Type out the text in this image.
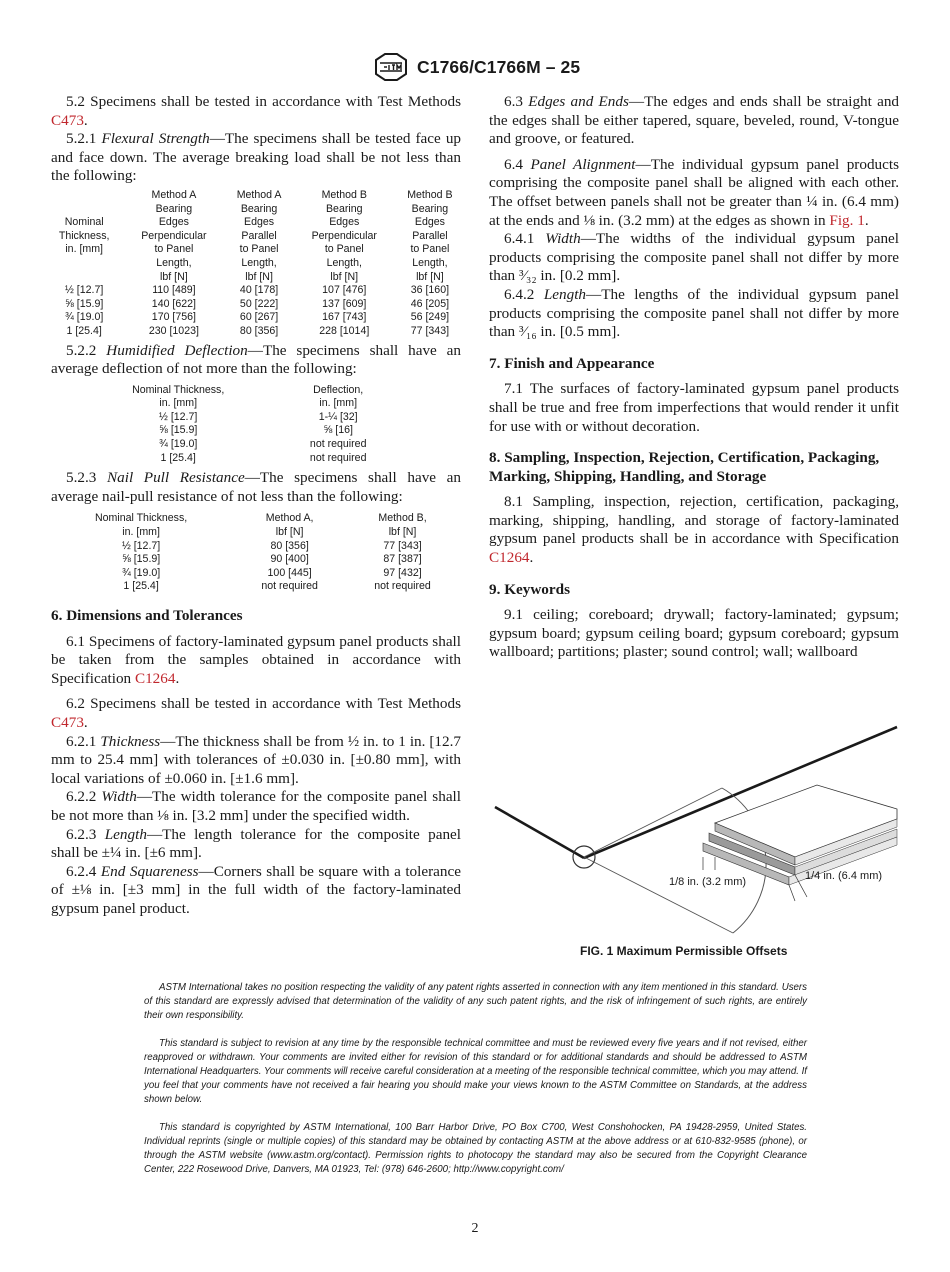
C1766/C1766M – 25

5.2 Specimens shall be tested in accordance with Test Methods C473.

5.2.1 Flexural Strength—The specimens shall be tested face up and face down. The average breaking load shall be not less than the following:

	Method A	Method A	Method B	Method B
	Bearing	Bearing	Bearing	Bearing
Nominal	Edges	Edges	Edges	Edges
Thickness,	Perpendicular	Parallel	Perpendicular	Parallel
in. [mm]	to Panel	to Panel	to Panel	to Panel
	Length,	Length,	Length,	Length,
	lbf [N]	lbf [N]	lbf [N]	lbf [N]
½ [12.7]	110 [489]	40 [178]	107 [476]	36 [160]
⅝ [15.9]	140 [622]	50 [222]	137 [609]	46 [205]
¾ [19.0]	170 [756]	60 [267]	167 [743]	56 [249]
1 [25.4]	230 [1023]	80 [356]	228 [1014]	77 [343]

5.2.2 Humidified Deflection—The specimens shall have an average deflection of not more than the following:

Nominal Thickness,	Deflection,
in. [mm]	in. [mm]
½ [12.7]	1-¼ [32]
⅝ [15.9]	⅝ [16]
¾ [19.0]	not required
1 [25.4]	not required

5.2.3 Nail Pull Resistance—The specimens shall have an average nail-pull resistance of not less than the following:

Nominal Thickness,	Method A,	Method B,
in. [mm]	lbf [N]	lbf [N]
½ [12.7]	80 [356]	77 [343]
⅝ [15.9]	90 [400]	87 [387]
¾ [19.0]	100 [445]	97 [432]
1 [25.4]	not required	not required
6. Dimensions and Tolerances

6.1 Specimens of factory-laminated gypsum panel products shall be taken from the samples obtained in accordance with Specification C1264.

6.2 Specimens shall be tested in accordance with Test Methods C473.

6.2.1 Thickness—The thickness shall be from ½ in. to 1 in. [12.7 mm to 25.4 mm] with tolerances of ±0.030 in. [±0.80 mm], with local variations of ±0.060 in. [±1.6 mm].

6.2.2 Width—The width tolerance for the composite panel shall be not more than ⅛ in. [3.2 mm] under the specified width.

6.2.3 Length—The length tolerance for the composite panel shall be ±¼ in. [±6 mm].

6.2.4 End Squareness—Corners shall be square with a tolerance of ±⅛ in. [±3 mm] in the full width of the factory-laminated gypsum panel product.

6.3 Edges and Ends—The edges and ends shall be straight and the edges shall be either tapered, square, beveled, round, V-tongue and groove, or featured.

6.4 Panel Alignment—The individual gypsum panel products comprising the composite panel shall be aligned with each other. The offset between panels shall not be greater than ¼ in. (6.4 mm) at the ends and ⅛ in. (3.2 mm) at the edges as shown in Fig. 1.

6.4.1 Width—The widths of the individual gypsum panel products comprising the composite panel shall not differ by more than ³⁄₃₂ in. [0.2 mm].

6.4.2 Length—The lengths of the individual gypsum panel products comprising the composite panel shall not differ by more than ³⁄₁₆ in. [0.5 mm].

7. Finish and Appearance

7.1 The surfaces of factory-laminated gypsum panel products shall be true and free from imperfections that would render it unfit for use with or without decoration.

8. Sampling, Inspection, Rejection, Certification, Packaging, Marking, Shipping, Handling, and Storage

8.1 Sampling, inspection, rejection, certification, packaging, marking, shipping, handling, and storage of factory-laminated gypsum panel products shall be in accordance with Specification C1264.

9. Keywords

9.1 ceiling; coreboard; drywall; factory-laminated; gypsum; gypsum board; gypsum ceiling board; gypsum coreboard; gypsum wallboard; partitions; plaster; sound control; wall; wallboard

1/8 in. (3.2 mm)	1/4 in. (6.4 mm)
FIG. 1 Maximum Permissible Offsets

ASTM International takes no position respecting the validity of any patent rights asserted in connection with any item mentioned in this standard. Users of this standard are expressly advised that determination of the validity of any such patent rights, and the risk of infringement of such rights, are entirely their own responsibility.

This standard is subject to revision at any time by the responsible technical committee and must be reviewed every five years and if not revised, either reapproved or withdrawn. Your comments are invited either for revision of this standard or for additional standards and should be addressed to ASTM International Headquarters. Your comments will receive careful consideration at a meeting of the responsible technical committee, which you may attend. If you feel that your comments have not received a fair hearing you should make your views known to the ASTM Committee on Standards, at the address shown below.

This standard is copyrighted by ASTM International, 100 Barr Harbor Drive, PO Box C700, West Conshohocken, PA 19428-2959, United States. Individual reprints (single or multiple copies) of this standard may be obtained by contacting ASTM at the above address or at 610-832-9585 (phone), or through the ASTM website (www.astm.org/contact). Permission rights to photocopy the standard may also be secured from the Copyright Clearance Center, 222 Rosewood Drive, Danvers, MA 01923, Tel: (978) 646-2600; http://www.copyright.com/

2
